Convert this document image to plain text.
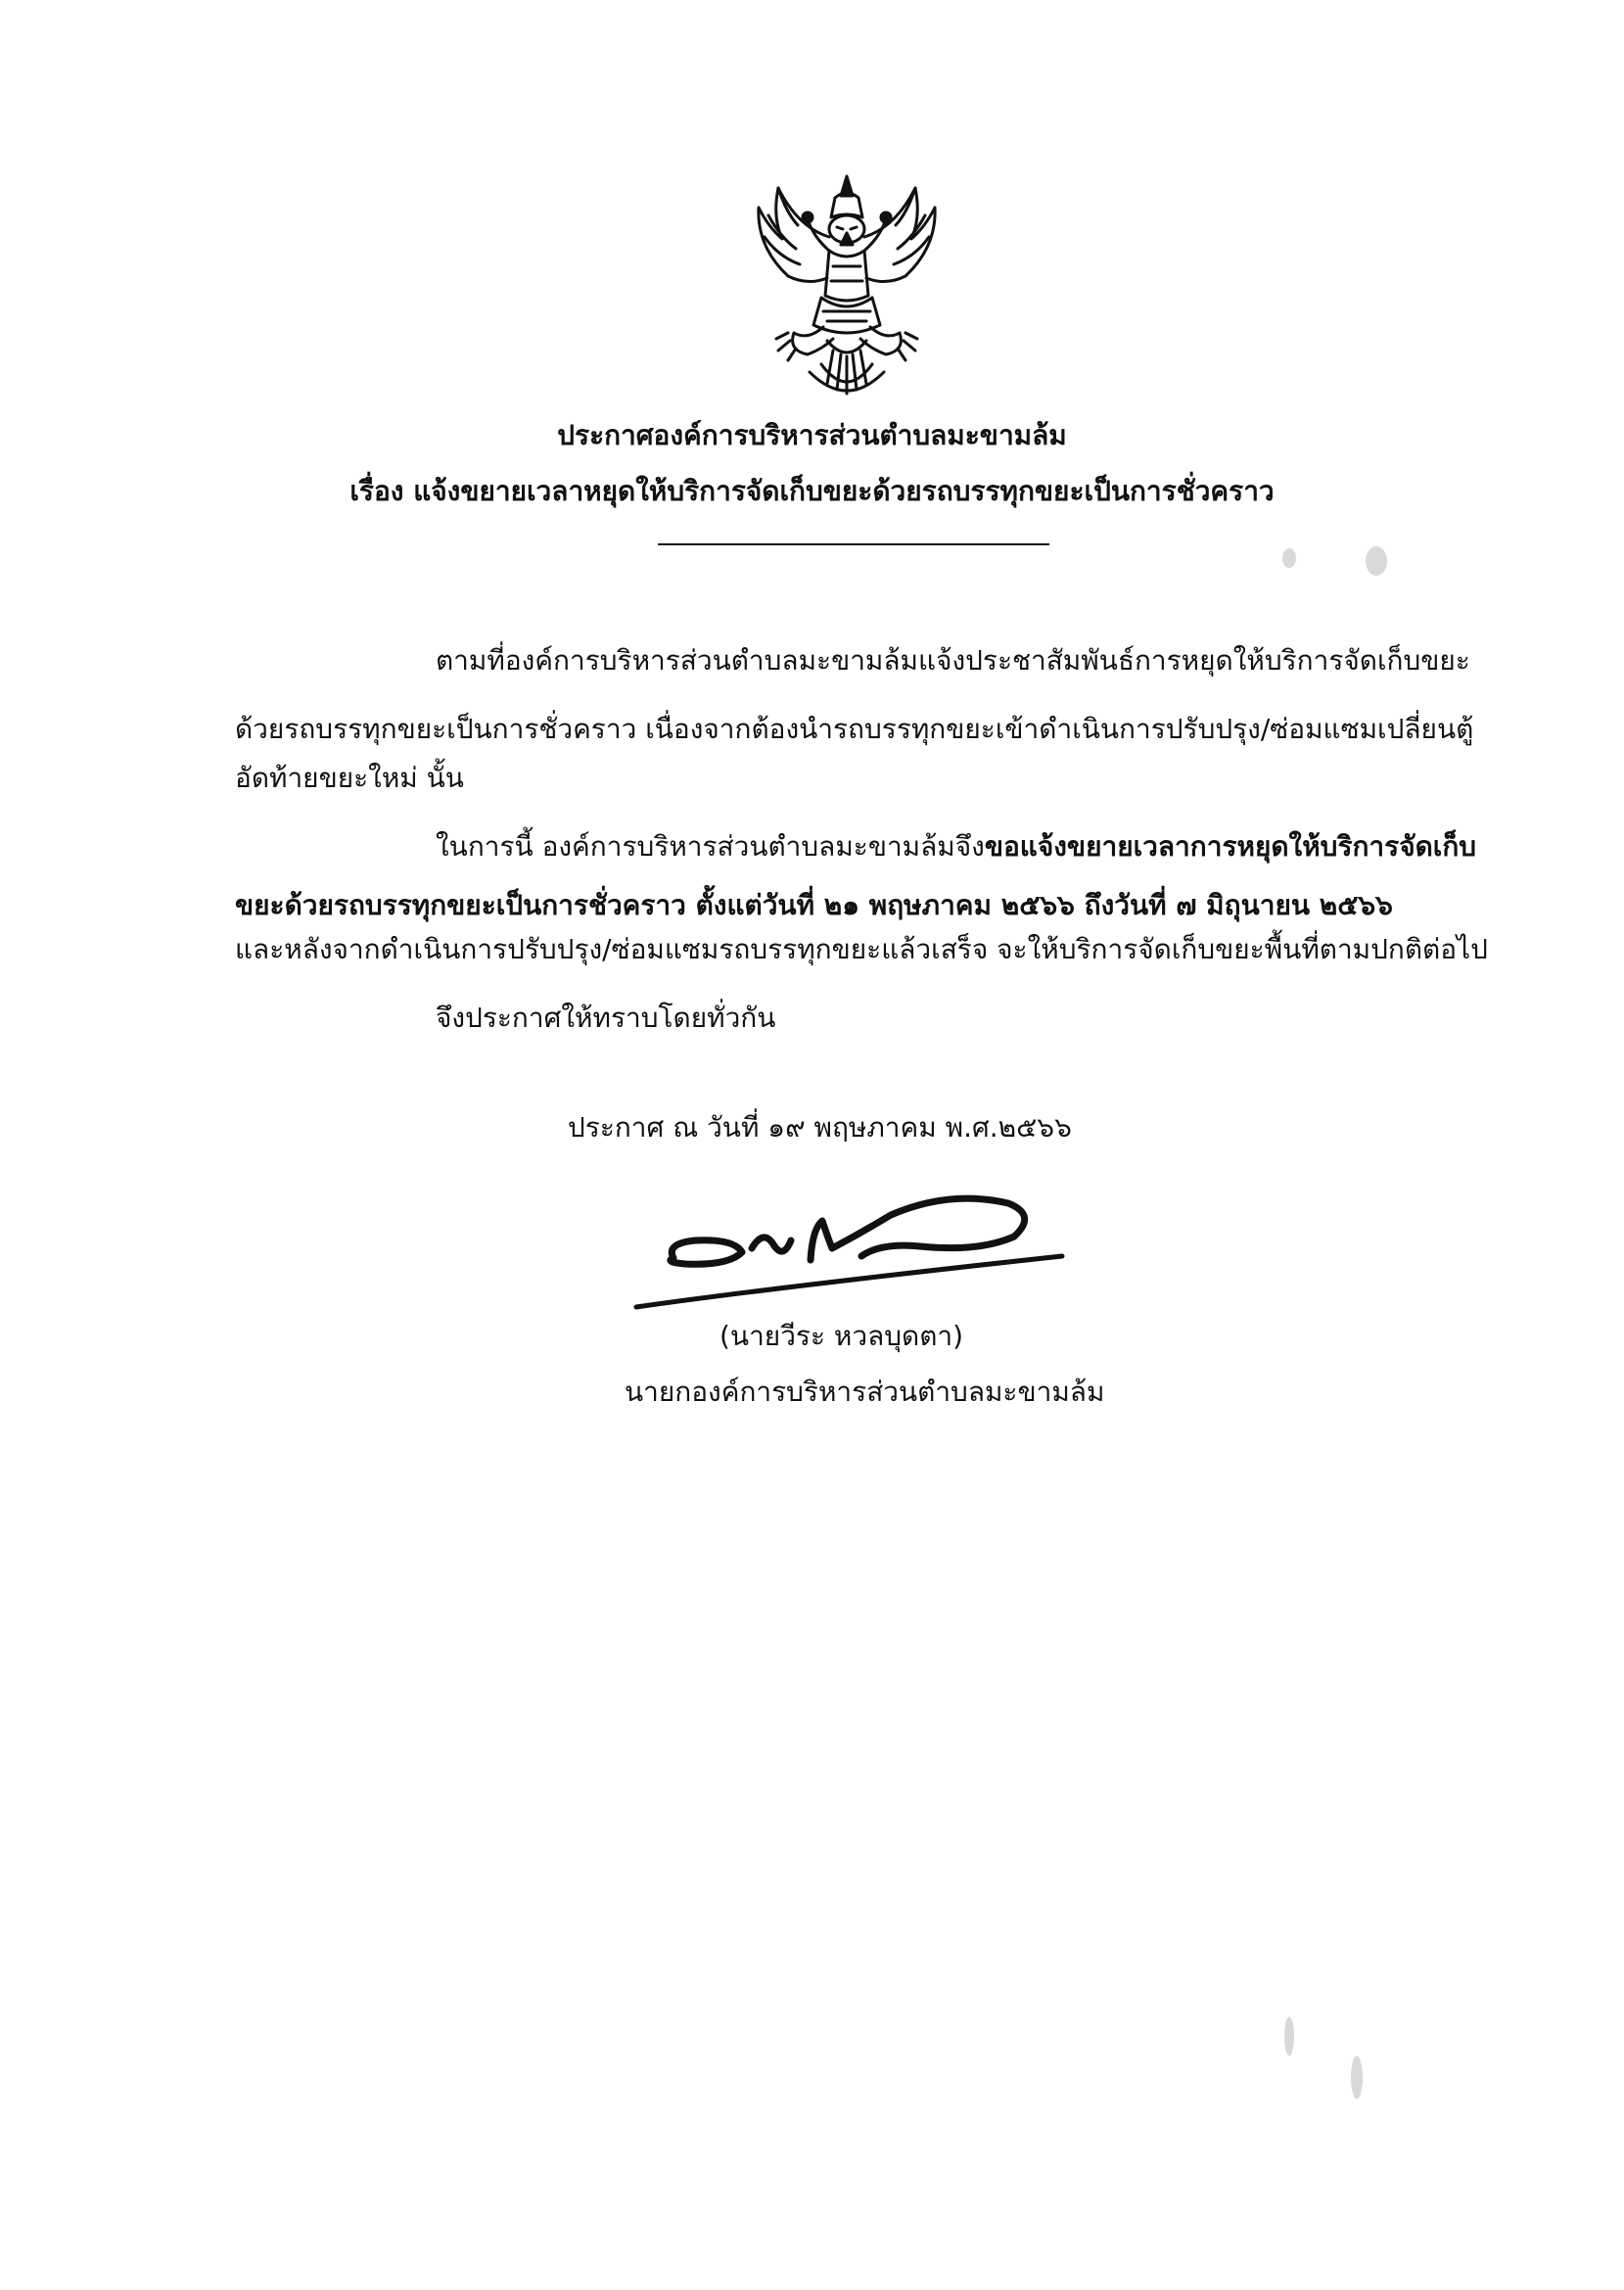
ประกาศองค์การบริหารส่วนตำบลมะขามล้ม
เรื่อง แจ้งขยายเวลาหยุดให้บริการจัดเก็บขยะด้วยรถบรรทุกขยะเป็นการชั่วคราว
ตามที่องค์การบริหารส่วนตำบลมะขามล้มแจ้งประชาสัมพันธ์การหยุดให้บริการจัดเก็บขยะ
ด้วยรถบรรทุกขยะเป็นการชั่วคราว เนื่องจากต้องนำรถบรรทุกขยะเข้าดำเนินการปรับปรุง/ซ่อมแซมเปลี่ยนตู้
อัดท้ายขยะใหม่ นั้น
ในการนี้ องค์การบริหารส่วนตำบลมะขามล้มจึงขอแจ้งขยายเวลาการหยุดให้บริการจัดเก็บ
ขยะด้วยรถบรรทุกขยะเป็นการชั่วคราว ตั้งแต่วันที่ ๒๑ พฤษภาคม ๒๕๖๖ ถึงวันที่ ๗ มิถุนายน ๒๕๖๖
และหลังจากดำเนินการปรับปรุง/ซ่อมแซมรถบรรทุกขยะแล้วเสร็จ จะให้บริการจัดเก็บขยะพื้นที่ตามปกติต่อไป
จึงประกาศให้ทราบโดยทั่วกัน
ประกาศ ณ วันที่ ๑๙ พฤษภาคม พ.ศ.๒๕๖๖
(นายวีระ หวลบุดตา)
นายกองค์การบริหารส่วนตำบลมะขามล้ม
